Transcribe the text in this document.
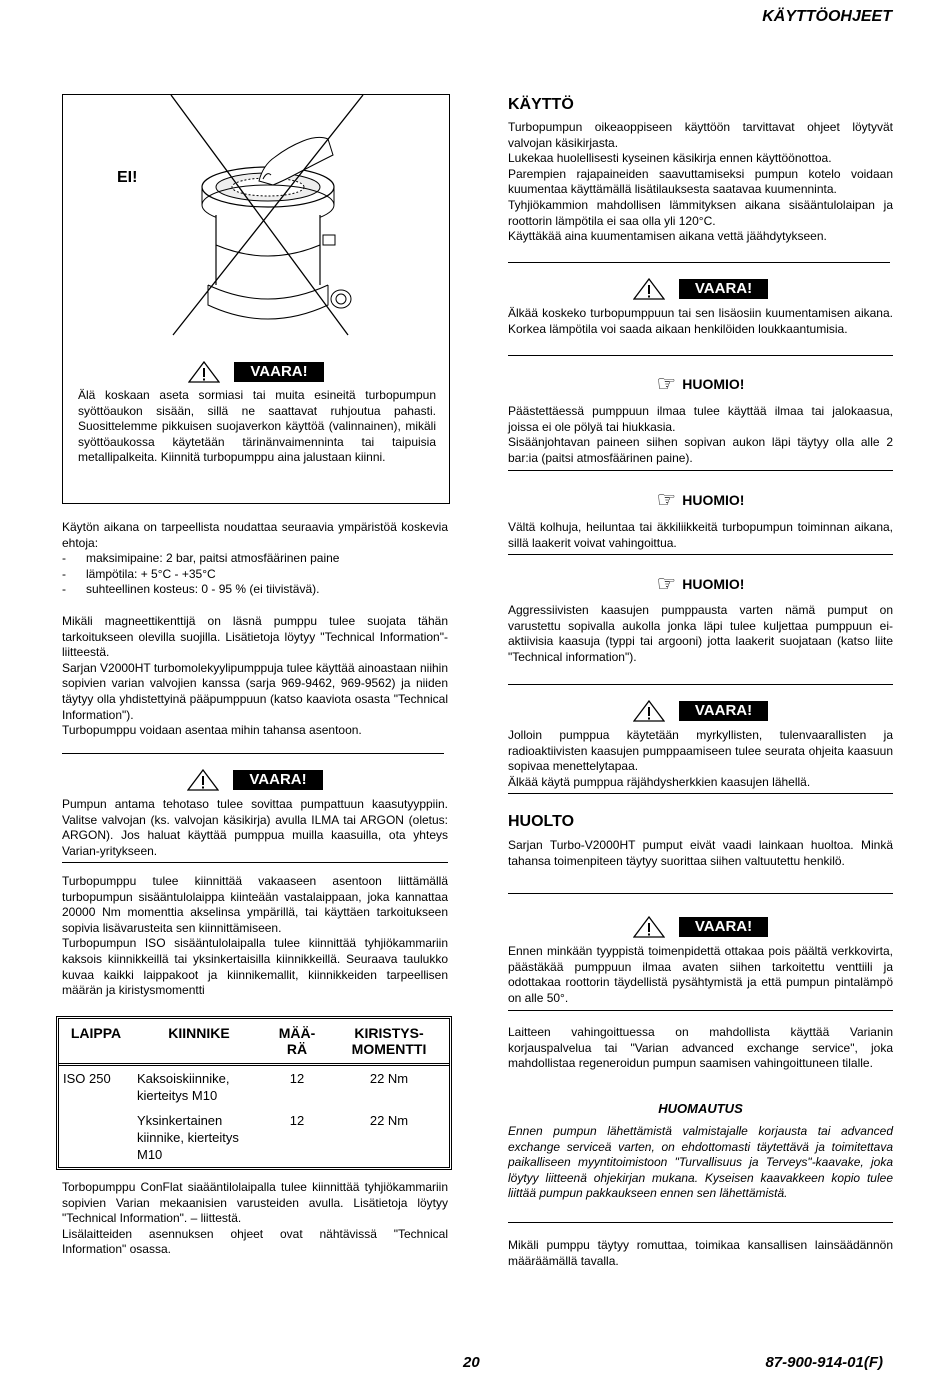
KÄYTTÖOHJEET
EI!
VAARA!

Älä koskaan aseta sormiasi tai muita esineitä turbopumpun syöttöaukon sisään, sillä ne saattavat ruhjoutua pahasti. Suosittelemme pikkuisen suojaverkon käyttöä (valinnainen), mikäli syöttöaukossa käytetään tärinänvaimenninta tai taipuisia metallipalkeita. Kiinnitä turbopumppu aina jalustaan kiinni.

Käytön aikana on tarpeellista noudattaa seuraavia ympäristöä koskevia ehtoja:

- maksimipaine: 2 bar, paitsi atmosfäärinen paine
- lämpötila: + 5°C - +35°C
- suhteellinen kosteus: 0 - 95 % (ei tiivistävä).

Mikäli magneettikenttijä on läsnä pumppu tulee suojata tähän tarkoitukseen olevilla suojilla. Lisätietoja löytyy "Technical Information"-liitteestä.

Sarjan V2000HT turbomolekyylipumppuja tulee käyttää ainoastaan niihin sopivien varian valvojien kanssa (sarja 969-9462, 969-9562) ja niiden täytyy olla yhdistettyinä pääpumppuun (katso kaaviota osasta "Technical Information").

Turbopumppu voidaan asentaa mihin tahansa asentoon.

VAARA!

Pumpun antama tehotaso tulee sovittaa pumpattuun kaasutyyppiin. Valitse valvojan (ks. valvojan käsikirja) avulla ILMA tai ARGON (oletus: ARGON). Jos haluat käyttää pumppua muilla kaasuilla, ota yhteys Varian-yritykseen.

Turbopumppu tulee kiinnittää vakaaseen asentoon liittämällä turbopumpun sisääntulolaippa kiinteään vastalaippaan, joka kannattaa 20000 Nm momenttia akselinsa ympärillä, tai käyttäen tarkoitukseen sopivia lisävarusteita sen kiinnittämiseen.

Turbopumpun ISO sisääntulolaipalla tulee kiinnittää tyhjiökammariin kaksois kiinnikkeillä tai yksinkertaisilla kiinnikkeillä. Seuraava taulukko kuvaa kaikki laippakoot ja kiinnikemallit, kiinnikkeiden tarpeellisen määrän ja kiristysmomentti

LAIPPA	KIINNIKE	MÄÄ-RÄ	KIRISTYS-MOMENTTI
ISO 250	Kaksoiskiinnike, kierteitys M10	12	22 Nm
	Yksinkertainen kiinnike, kierteitys M10	12	22 Nm

Torbopumppu ConFlat siaääntilolaipalla tulee kiinnittää tyhjiökammariin sopivien Varian mekaanisien varusteiden avulla. Lisätietoja löytyy "Technical Information". – liittestä.

Lisälaitteiden asennuksen ohjeet ovat nähtävissä "Technical Information" osassa.

KÄYTTÖ

Turbopumpun oikeaoppiseen käyttöön tarvittavat ohjeet löytyvät valvojan käsikirjasta.

Lukekaa huolellisesti kyseinen käsikirja ennen käyttöönottoa.

Parempien rajapaineiden saavuttamiseksi pumpun kotelo voidaan kuumentaa käyttämällä lisätilauksesta saatavaa kuumenninta.

Tyhjiökammion mahdollisen lämmityksen aikana sisääntulolaipan ja roottorin lämpötila ei saa olla yli 120°C.

Käyttäkää aina kuumentamisen aikana vettä jäähdytykseen.

VAARA!

Älkää koskeko turbopumppuun tai sen lisäosiin kuumentamisen aikana. Korkea lämpötila voi saada aikaan henkilöiden loukkaantumisia.

☞ HUOMIO!

Päästettäessä pumppuun ilmaa tulee käyttää ilmaa tai jalokaasua, joissa ei ole pölyä tai hiukkasia.

Sisäänjohtavan paineen siihen sopivan aukon läpi täytyy olla alle 2 bar:ia (paitsi atmosfäärinen paine).

☞ HUOMIO!

Vältä kolhuja, heiluntaa tai äkkiliikkeitä turbopumpun toiminnan aikana, sillä laakerit voivat vahingoittua.

☞ HUOMIO!

Aggressiivisten kaasujen pumppausta varten nämä pumput on varustettu sopivalla aukolla jonka läpi tulee kuljettaa pumppuun ei-aktiivisia kaasuja (typpi tai argooni) jotta laakerit suojataan (katso liite "Technical information").

VAARA!

Jolloin pumppua käytetään myrkyllisten, tulenvaarallisten ja radioaktiivisten kaasujen pumppaamiseen tulee seurata ohjeita kaasuun sopivaa menettelytapaa.

Älkää käytä pumppua räjähdysherkkien kaasujen lähellä.

HUOLTO

Sarjan Turbo-V2000HT pumput eivät vaadi lainkaan huoltoa. Minkä tahansa toimenpiteen täytyy suorittaa siihen valtuutettu henkilö.

VAARA!

Ennen minkään tyyppistä toimenpidettä ottakaa pois päältä verkkovirta, päästäkää pumppuun ilmaa avaten siihen tarkoitettu venttiili ja odottakaa roottorin täydellistä pysähtymistä ja että pumpun pintalämpö on alle 50°.

Laitteen vahingoittuessa on mahdollista käyttää Varianin korjauspalvelua tai "Varian advanced exchange service", joka mahdollistaa regeneroidun pumpun saamisen vahingoittuneen tilalle.

HUOMAUTUS

Ennen pumpun lähettämistä valmistajalle korjausta tai advanced exchange serviceä varten, on ehdottomasti täytettävä ja toimitettava paikalliseen myyntitoimistoon "Turvallisuus ja Terveys"-kaavake, joka löytyy liitteenä ohjekirjan mukana. Kyseisen kaavakkeen kopio tulee liittää pumpun pakkaukseen ennen sen lähettämistä.

Mikäli pumppu täytyy romuttaa, toimikaa kansallisen lainsäädännön määräämällä tavalla.

20	87-900-914-01(F)
